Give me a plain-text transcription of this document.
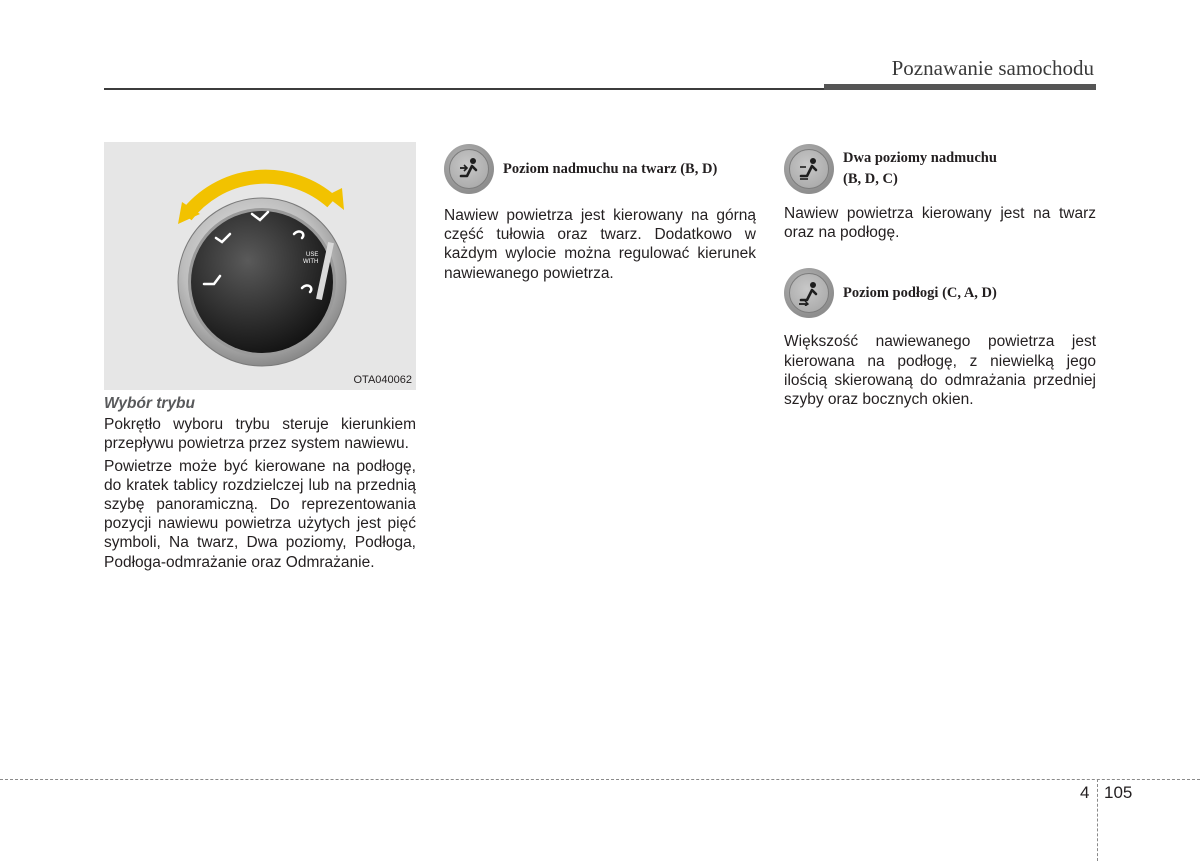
Poznawanie samochodu
USE
WITH
OTA040062
Wybór trybu

Pokrętło wyboru trybu steruje kierunkiem przepływu powietrza przez system nawiewu.

Powietrze może być kierowane na podłogę, do kratek tablicy rozdzielczej lub na przednią szybę panoramiczną. Do reprezentowania pozycji nawiewu powietrza użytych jest pięć symboli, Na twarz, Dwa poziomy, Podłoga, Podłoga-odmrażanie oraz Odmrażanie.

Poziom nadmuchu na twarz (B, D)

Nawiew powietrza jest kierowany na górną część tułowia oraz twarz. Dodatkowo w każdym wylocie można regulować kierunek nawiewanego powietrza.

Dwa poziomy nadmuchu
(B, D, C)

Nawiew powietrza kierowany jest na twarz oraz na podłogę.

Poziom podłogi (C, A, D)

Większość nawiewanego powietrza jest kierowana na podłogę, z niewielką jego ilością skierowaną do odmrażania przedniej szyby oraz bocznych okien.

4 105
